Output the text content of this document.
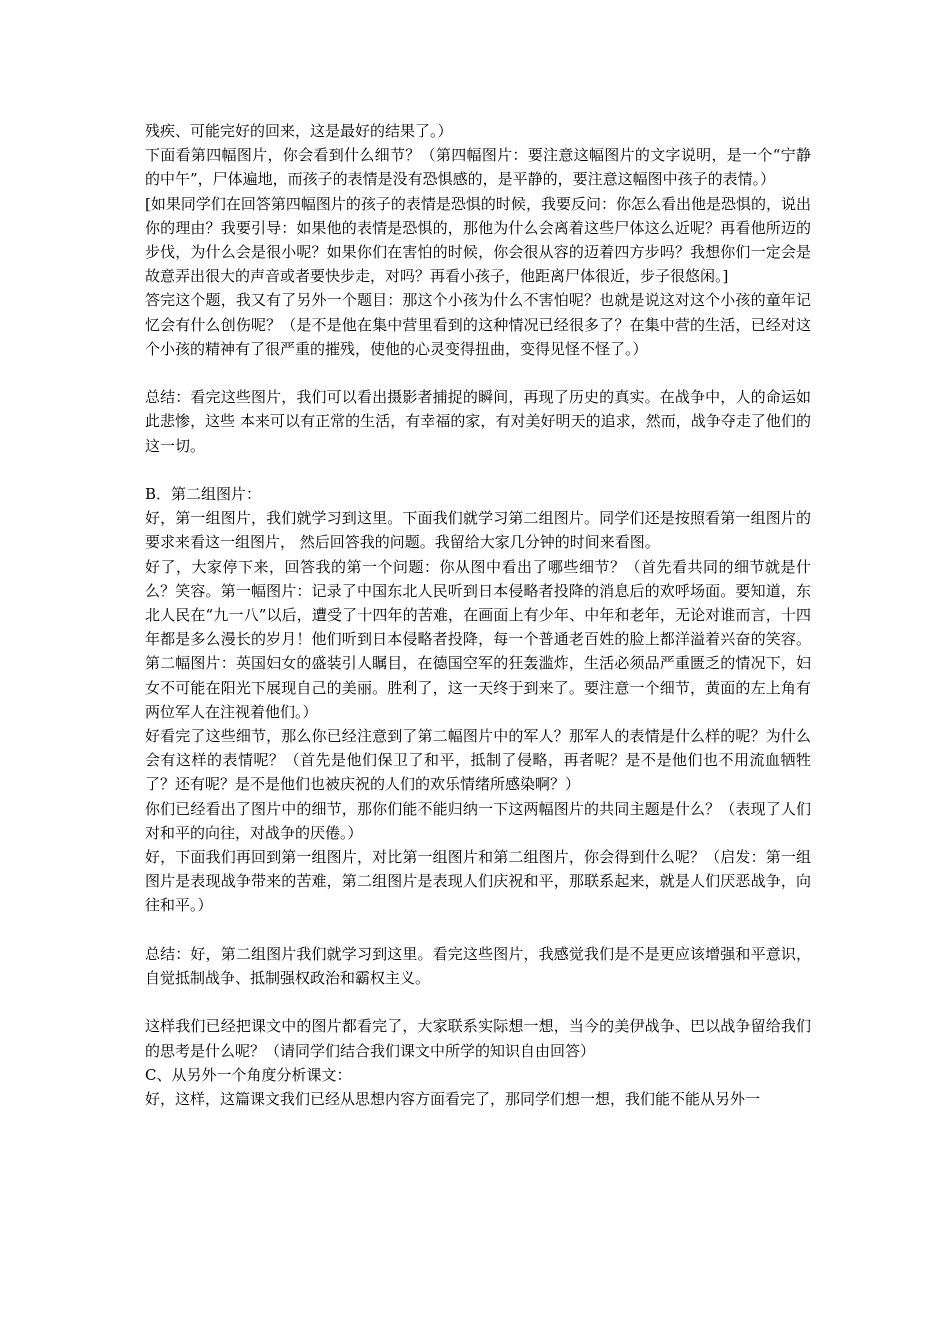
残疾、可能完好的回来，这是最好的结果了。）

下面看第四幅图片，你会看到什么细节？（第四幅图片：要注意这幅图片的文字说明，是一个“宁静的中午”，尸体遍地，而孩子的表情是没有恐惧感的，是平静的，要注意这幅图中孩子的表情。）

[如果同学们在回答第四幅图片的孩子的表情是恐惧的时候，我要反问：你怎么看出他是恐惧的，说出你的理由？我要引导：如果他的表情是恐惧的，那他为什么会离着这些尸体这么近呢？再看他所迈的步伐，为什么会是很小呢？如果你们在害怕的时候，你会很从容的迈着四方步吗？我想你们一定会是故意弄出很大的声音或者要快步走，对吗？再看小孩子，他距离尸体很近，步子很悠闲。]

答完这个题，我又有了另外一个题目：那这个小孩为什么不害怕呢？也就是说这对这个小孩的童年记忆会有什么创伤呢？（是不是他在集中营里看到的这种情况已经很多了？在集中营的生活，已经对这个小孩的精神有了很严重的摧残，使他的心灵变得扭曲，变得见怪不怪了。）

总结：看完这些图片，我们可以看出摄影者捕捉的瞬间，再现了历史的真实。在战争中，人的命运如此悲惨，这些 本来可以有正常的生活，有幸福的家，有对美好明天的追求，然而，战争夺走了他们的这一切。

B．第二组图片：

好，第一组图片，我们就学习到这里。下面我们就学习第二组图片。同学们还是按照看第一组图片的要求来看这一组图片， 然后回答我的问题。我留给大家几分钟的时间来看图。

好了，大家停下来，回答我的第一个问题：你从图中看出了哪些细节？（首先看共同的细节就是什么？笑容。第一幅图片：记录了中国东北人民听到日本侵略者投降的消息后的欢呼场面。要知道，东北人民在“九一八”以后，遭受了十四年的苦难，在画面上有少年、中年和老年，无论对谁而言，十四年都是多么漫长的岁月！他们听到日本侵略者投降，每一个普通老百姓的脸上都洋溢着兴奋的笑容。第二幅图片：英国妇女的盛装引人瞩目，在德国空军的狂轰滥炸，生活必须品严重匮乏的情况下，妇女不可能在阳光下展现自己的美丽。胜利了，这一天终于到来了。要注意一个细节，黄面的左上角有两位军人在注视着他们。）

好看完了这些细节，那么你已经注意到了第二幅图片中的军人？那军人的表情是什么样的呢？为什么会有这样的表情呢？（首先是他们保卫了和平，抵制了侵略，再者呢？是不是他们也不用流血牺牲了？还有呢？是不是他们也被庆祝的人们的欢乐情绪所感染啊？）

你们已经看出了图片中的细节，那你们能不能归纳一下这两幅图片的共同主题是什么？（表现了人们对和平的向往，对战争的厌倦。）

好，下面我们再回到第一组图片，对比第一组图片和第二组图片，你会得到什么呢？（启发：第一组图片是表现战争带来的苦难，第二组图片是表现人们庆祝和平，那联系起来，就是人们厌恶战争，向往和平。）

总结：好，第二组图片我们就学习到这里。看完这些图片，我感觉我们是不是更应该增强和平意识，自觉抵制战争、抵制强权政治和霸权主义。

这样我们已经把课文中的图片都看完了，大家联系实际想一想，当今的美伊战争、巴以战争留给我们的思考是什么呢？（请同学们结合我们课文中所学的知识自由回答）

C、从另外一个角度分析课文：

好，这样，这篇课文我们已经从思想内容方面看完了，那同学们想一想，我们能不能从另外一
